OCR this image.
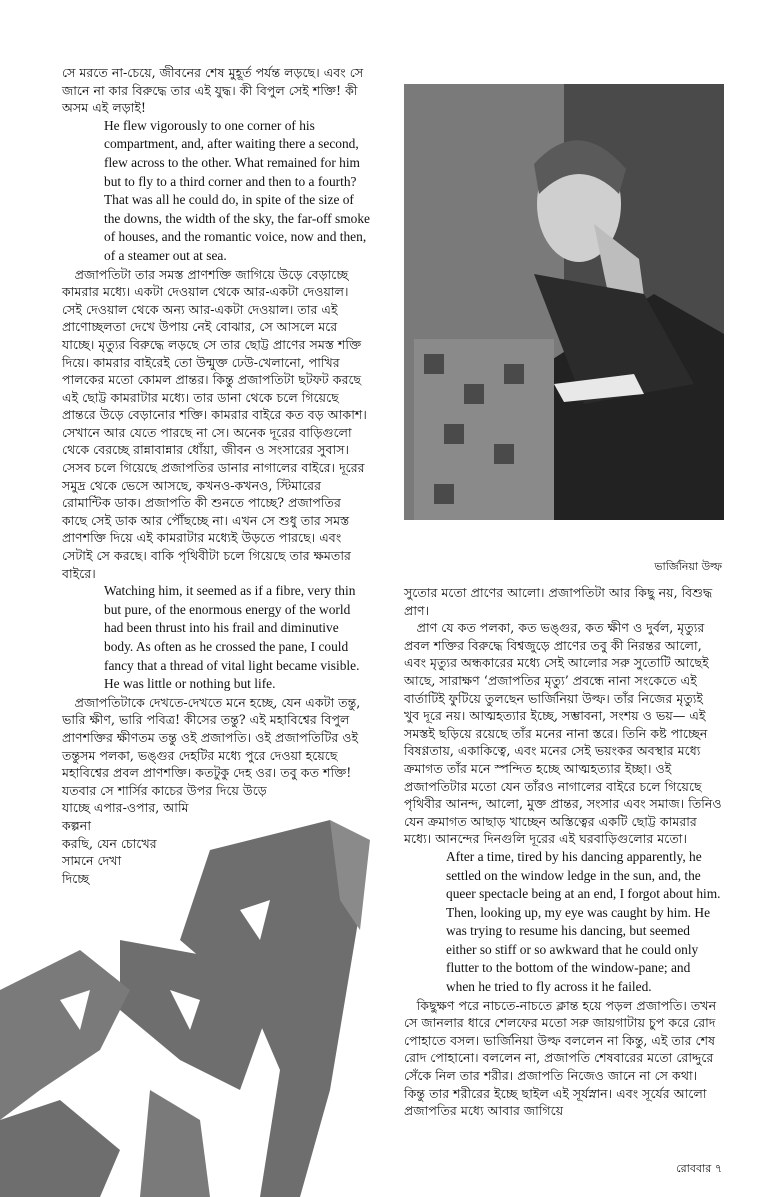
সে মরতে না-চেয়ে, জীবনের শেষ মুহূর্ত পর্যন্ত লড়ছে। এবং সে জানে না কার বিরুদ্ধে তার এই যুদ্ধ। কী বিপুল সেই শক্তি! কী অসম এই লড়াই!

He flew vigorously to one corner of his compartment, and, after waiting there a second, flew across to the other. What remained for him but to fly to a third corner and then to a fourth? That was all he could do, in spite of the size of the downs, the width of the sky, the far-off smoke of houses, and the romantic voice, now and then, of a steamer out at sea.

প্রজাপতিটা তার সমস্ত প্রাণশক্তি জাগিয়ে উড়ে বেড়াচ্ছে কামরার মধ্যে। একটা দেওয়াল থেকে আর-একটা দেওয়াল। সেই দেওয়াল থেকে অন্য আর-একটা দেওয়াল। তার এই প্রাণোচ্ছলতা দেখে উপায় নেই বোঝার, সে আসলে মরে যাচ্ছে। মৃত্যুর বিরুদ্ধে লড়ছে সে তার ছোট্ট প্রাণের সমস্ত শক্তি দিয়ে। কামরার বাইরেই তো উন্মুক্ত ঢেউ-খেলানো, পাখির পালকের মতো কোমল প্রান্তর। কিন্তু প্রজাপতিটা ছটফট করছে এই ছোট্ট কামরাটার মধ্যে। তার ডানা থেকে চলে গিয়েছে প্রান্তরে উড়ে বেড়ানোর শক্তি। কামরার বাইরে কত বড় আকাশ। সেখানে আর যেতে পারছে না সে। অনেক দূরের বাড়িগুলো থেকে বেরচ্ছে রান্নাবান্নার ধোঁয়া, জীবন ও সংসারের সুবাস। সেসব চলে গিয়েছে প্রজাপতির ডানার নাগালের বাইরে। দূরের সমুদ্র থেকে ভেসে আসছে, কখনও-কখনও, স্টিমারের রোমান্টিক ডাক। প্রজাপতি কী শুনতে পাচ্ছে? প্রজাপতির কাছে সেই ডাক আর পৌঁছচ্ছে না। এখন সে শুধু তার সমস্ত প্রাণশক্তি দিয়ে এই কামরাটার মধ্যেই উড়তে পারছে। এবং সেটাই সে করছে। বাকি পৃথিবীটা চলে গিয়েছে তার ক্ষমতার বাইরে।

Watching him, it seemed as if a fibre, very thin but pure, of the enormous energy of the world had been thrust into his frail and diminutive body. As often as he crossed the pane, I could fancy that a thread of vital light became visible. He was little or nothing but life.

প্রজাপতিটাকে দেখতে-দেখতে মনে হচ্ছে, যেন একটা তন্তু, ভারি ক্ষীণ, ভারি পবিত্র! কীসের তন্তু? এই মহাবিশ্বের বিপুল প্রাণশক্তির ক্ষীণতম তন্তু ওই প্রজাপতি। ওই প্রজাপতিটির ওই তন্তুসম পলকা, ভঙ্গুর দেহটির মধ্যে পুরে দেওয়া হয়েছে মহাবিশ্বের প্রবল প্রাণশক্তি। কতটুকু দেহ ওর। তবু কত শক্তি! যতবার সে শার্সির কাচের উপর দিয়ে উড়ে

যাচ্ছে এপার-ওপার, আমি কল্পনা
করছি, যেন চোখের
সামনে দেখা
দিচ্ছে
ভার্জিনিয়া উল্ফ

সুতোর মতো প্রাণের আলো। প্রজাপতিটা আর কিছু নয়, বিশুদ্ধ প্রাণ।

প্রাণ যে কত পলকা, কত ভঙ্গুর, কত ক্ষীণ ও দুর্বল, মৃত্যুর প্রবল শক্তির বিরুদ্ধে বিশ্বজুড়ে প্রাণের তবু কী নিরন্তর আলো, এবং মৃত্যুর অন্ধকারের মধ্যে সেই আলোর সরু সুতোটি আছেই আছে, সারাক্ষণ ‘প্রজাপতির মৃত্যু’ প্রবন্ধে নানা সংকেতে এই বার্তাটিই ফুটিয়ে তুলছেন ভার্জিনিয়া উল্ফ। তাঁর নিজের মৃত্যুই খুব দূরে নয়। আত্মহত্যার ইচ্ছে, সম্ভাবনা, সংশয় ও ভয়— এই সমস্তই ছড়িয়ে রয়েছে তাঁর মনের নানা স্তরে। তিনি কষ্ট পাচ্ছেন বিষণ্ণতায়, একাকিত্বে, এবং মনের সেই ভয়ংকর অবস্থার মধ্যে ক্রমাগত তাঁর মনে স্পন্দিত হচ্ছে আত্মহত্যার ইচ্ছা। ওই প্রজাপতিটার মতো যেন তাঁরও নাগালের বাইরে চলে গিয়েছে পৃথিবীর আনন্দ, আলো, মুক্ত প্রান্তর, সংসার এবং সমাজ। তিনিও যেন ক্রমাগত আছাড় খাচ্ছেন অস্তিত্বের একটি ছোট্ট কামরার মধ্যে। আনন্দের দিনগুলি দূরের এই ঘরবাড়িগুলোর মতো।

After a time, tired by his dancing apparently, he settled on the window ledge in the sun, and, the queer spectacle being at an end, I forgot about him. Then, looking up, my eye was caught by him. He was trying to resume his dancing, but seemed either so stiff or so awkward that he could only flutter to the bottom of the window-pane; and when he tried to fly across it he failed.

কিছুক্ষণ পরে নাচতে-নাচতে ক্লান্ত হয়ে পড়ল প্রজাপতি। তখন সে জানলার ধারে শেলফের মতো সরু জায়গাটায় চুপ করে রোদ পোহাতে বসল। ভার্জিনিয়া উল্ফ বললেন না কিন্তু, এই তার শেষ রোদ পোহানো। বললেন না, প্রজাপতি শেষবারের মতো রোদ্দুরে সেঁকে নিল তার শরীর। প্রজাপতি নিজেও জানে না সে কথা। কিন্তু তার শরীরের ইচ্ছে ছাইল এই সূর্যস্নান। এবং সূর্যের আলো প্রজাপতির মধ্যে আবার জাগিয়ে

রোববার ৭
